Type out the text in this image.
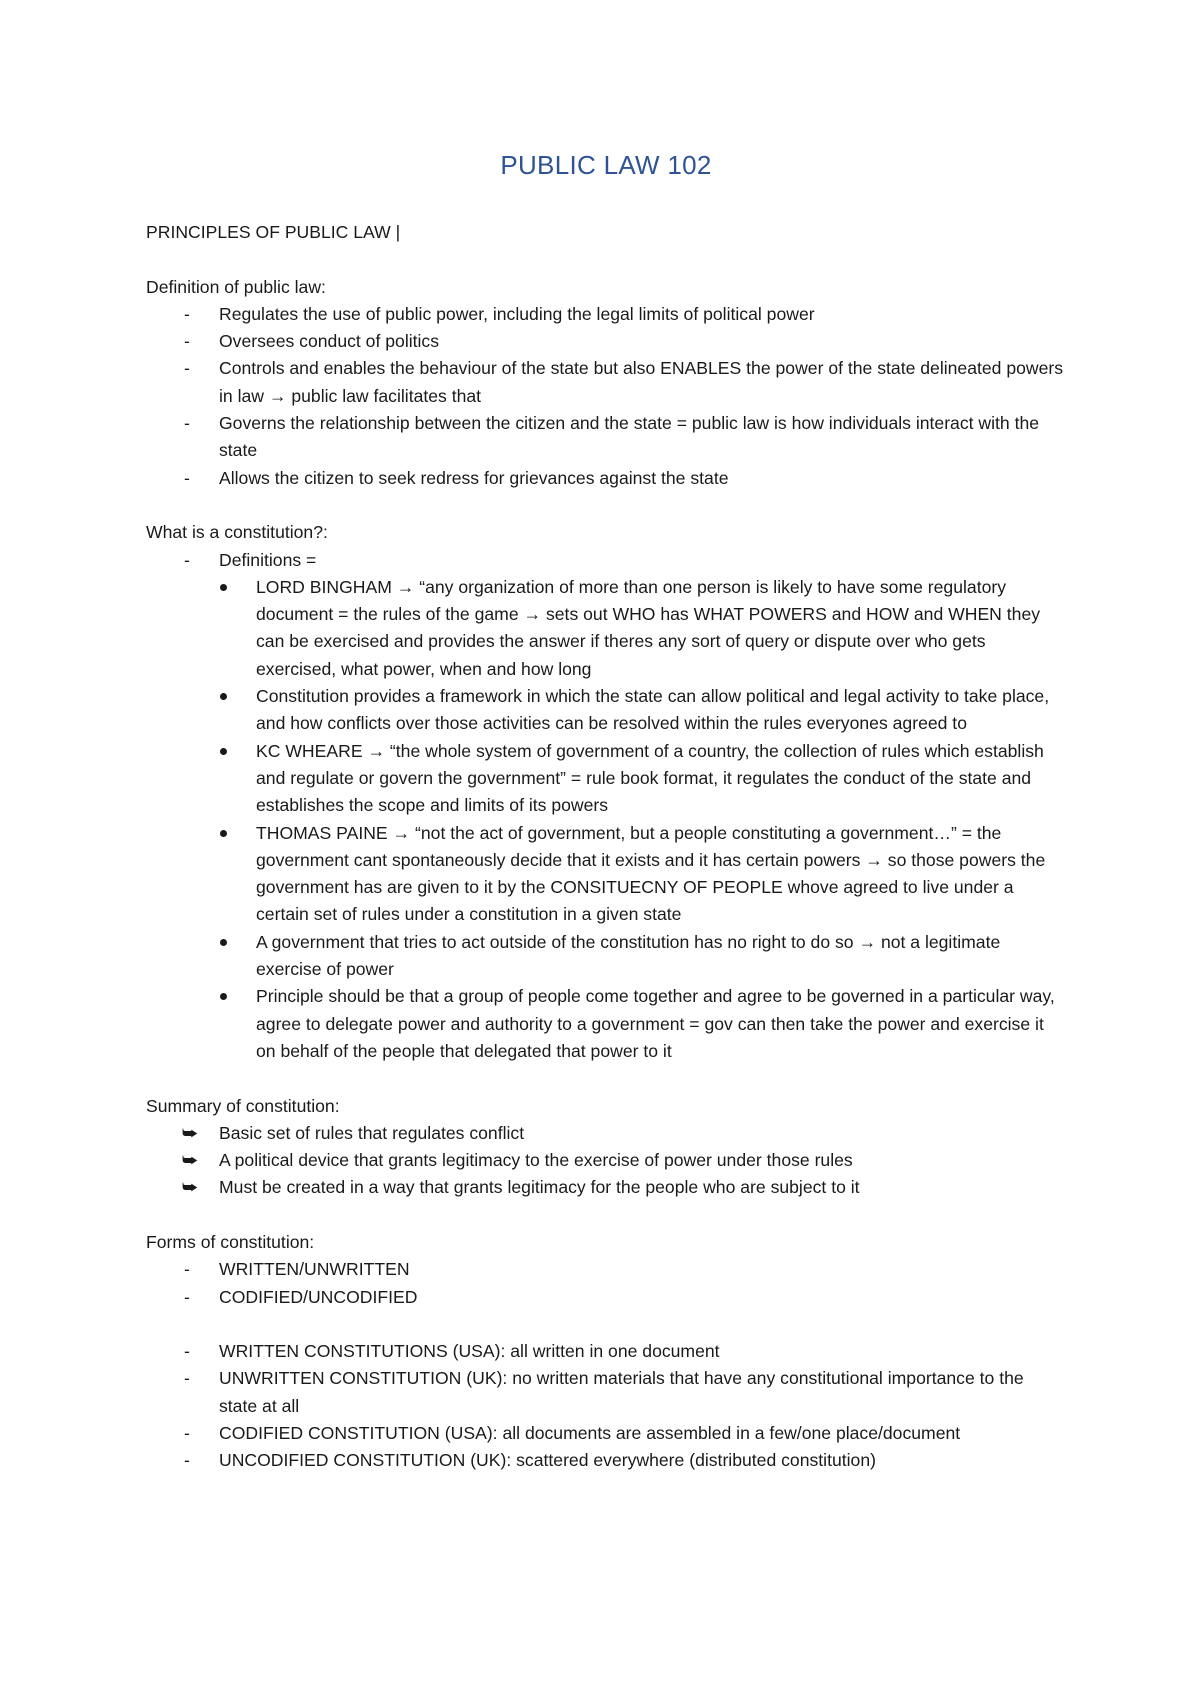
PUBLIC LAW 102

PRINCIPLES OF PUBLIC LAW |

Definition of public law:

-
Regulates the use of public power, including the legal limits of political power
-
Oversees conduct of politics
-
Controls and enables the behaviour of the state but also ENABLES the power of the state delineated powers in law → public law facilitates that
-
Governs the relationship between the citizen and the state = public law is how individuals interact with the state
-
Allows the citizen to seek redress for grievances against the state

What is a constitution?:

-
Definitions =
LORD BINGHAM → “any organization of more than one person is likely to have some regulatory document = the rules of the game → sets out WHO has WHAT POWERS and HOW and WHEN they can be exercised and provides the answer if theres any sort of query or dispute over who gets exercised, what power, when and how long
Constitution provides a framework in which the state can allow political and legal activity to take place, and how conflicts over those activities can be resolved within the rules everyones agreed to
KC WHEARE → “the whole system of government of a country, the collection of rules which establish and regulate or govern the government” = rule book format, it regulates the conduct of the state and establishes the scope and limits of its powers
THOMAS PAINE → “not the act of government, but a people constituting a government…” = the government cant spontaneously decide that it exists and it has certain powers → so those powers the government has are given to it by the CONSITUECNY OF PEOPLE whove agreed to live under a certain set of rules under a constitution in a given state
A government that tries to act outside of the constitution has no right to do so → not a legitimate exercise of power
Principle should be that a group of people come together and agree to be governed in a particular way, agree to delegate power and authority to a government = gov can then take the power and exercise it on behalf of the people that delegated that power to it

Summary of constitution:

⮩ Basic set of rules that regulates conflict
⮩ A political device that grants legitimacy to the exercise of power under those rules
⮩ Must be created in a way that grants legitimacy for the people who are subject to it

Forms of constitution:

-
WRITTEN/UNWRITTEN
-
CODIFIED/UNCODIFIED
-
WRITTEN CONSTITUTIONS (USA): all written in one document
-
UNWRITTEN CONSTITUTION (UK): no written materials that have any constitutional importance to the state at all
-
CODIFIED CONSTITUTION (USA): all documents are assembled in a few/one place/document
-
UNCODIFIED CONSTITUTION (UK): scattered everywhere (distributed constitution)
